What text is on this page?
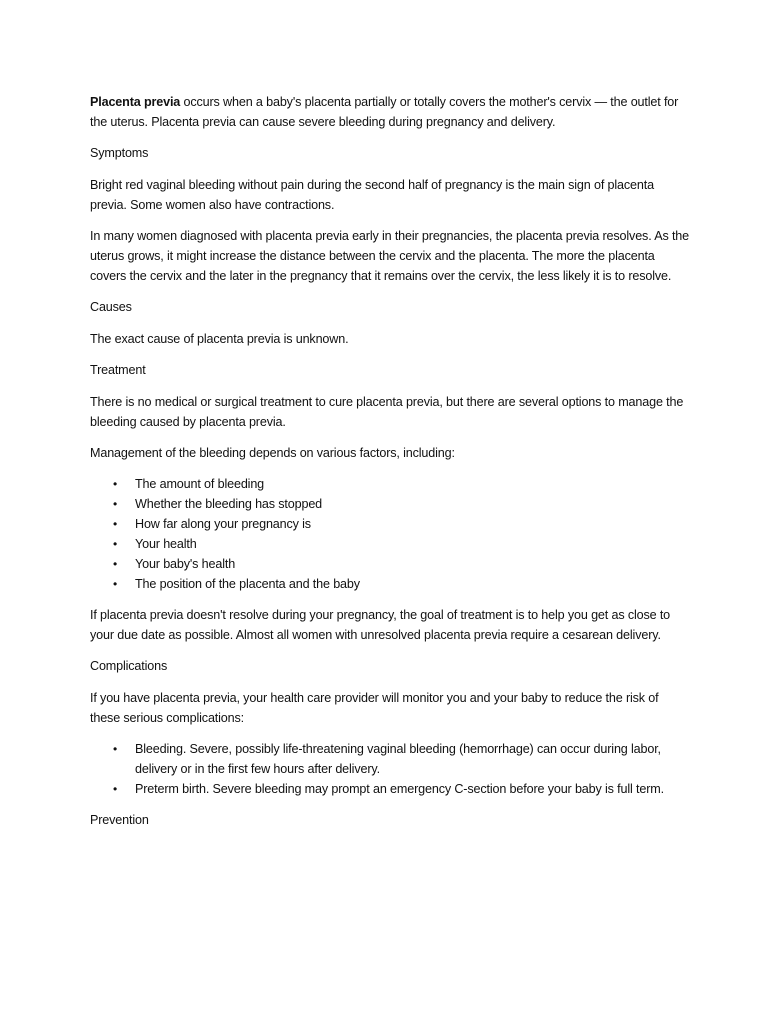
Placenta previa occurs when a baby's placenta partially or totally covers the mother's cervix — the outlet for the uterus. Placenta previa can cause severe bleeding during pregnancy and delivery.

Symptoms

Bright red vaginal bleeding without pain during the second half of pregnancy is the main sign of placenta previa. Some women also have contractions.

In many women diagnosed with placenta previa early in their pregnancies, the placenta previa resolves. As the uterus grows, it might increase the distance between the cervix and the placenta. The more the placenta covers the cervix and the later in the pregnancy that it remains over the cervix, the less likely it is to resolve.

Causes

The exact cause of placenta previa is unknown.

Treatment

There is no medical or surgical treatment to cure placenta previa, but there are several options to manage the bleeding caused by placenta previa.

Management of the bleeding depends on various factors, including:

• The amount of bleeding
• Whether the bleeding has stopped
• How far along your pregnancy is
• Your health
• Your baby's health
• The position of the placenta and the baby

If placenta previa doesn't resolve during your pregnancy, the goal of treatment is to help you get as close to your due date as possible. Almost all women with unresolved placenta previa require a cesarean delivery.

Complications

If you have placenta previa, your health care provider will monitor you and your baby to reduce the risk of these serious complications:

• Bleeding. Severe, possibly life-threatening vaginal bleeding (hemorrhage) can occur during labor, delivery or in the first few hours after delivery.
• Preterm birth. Severe bleeding may prompt an emergency C-section before your baby is full term.

Prevention
